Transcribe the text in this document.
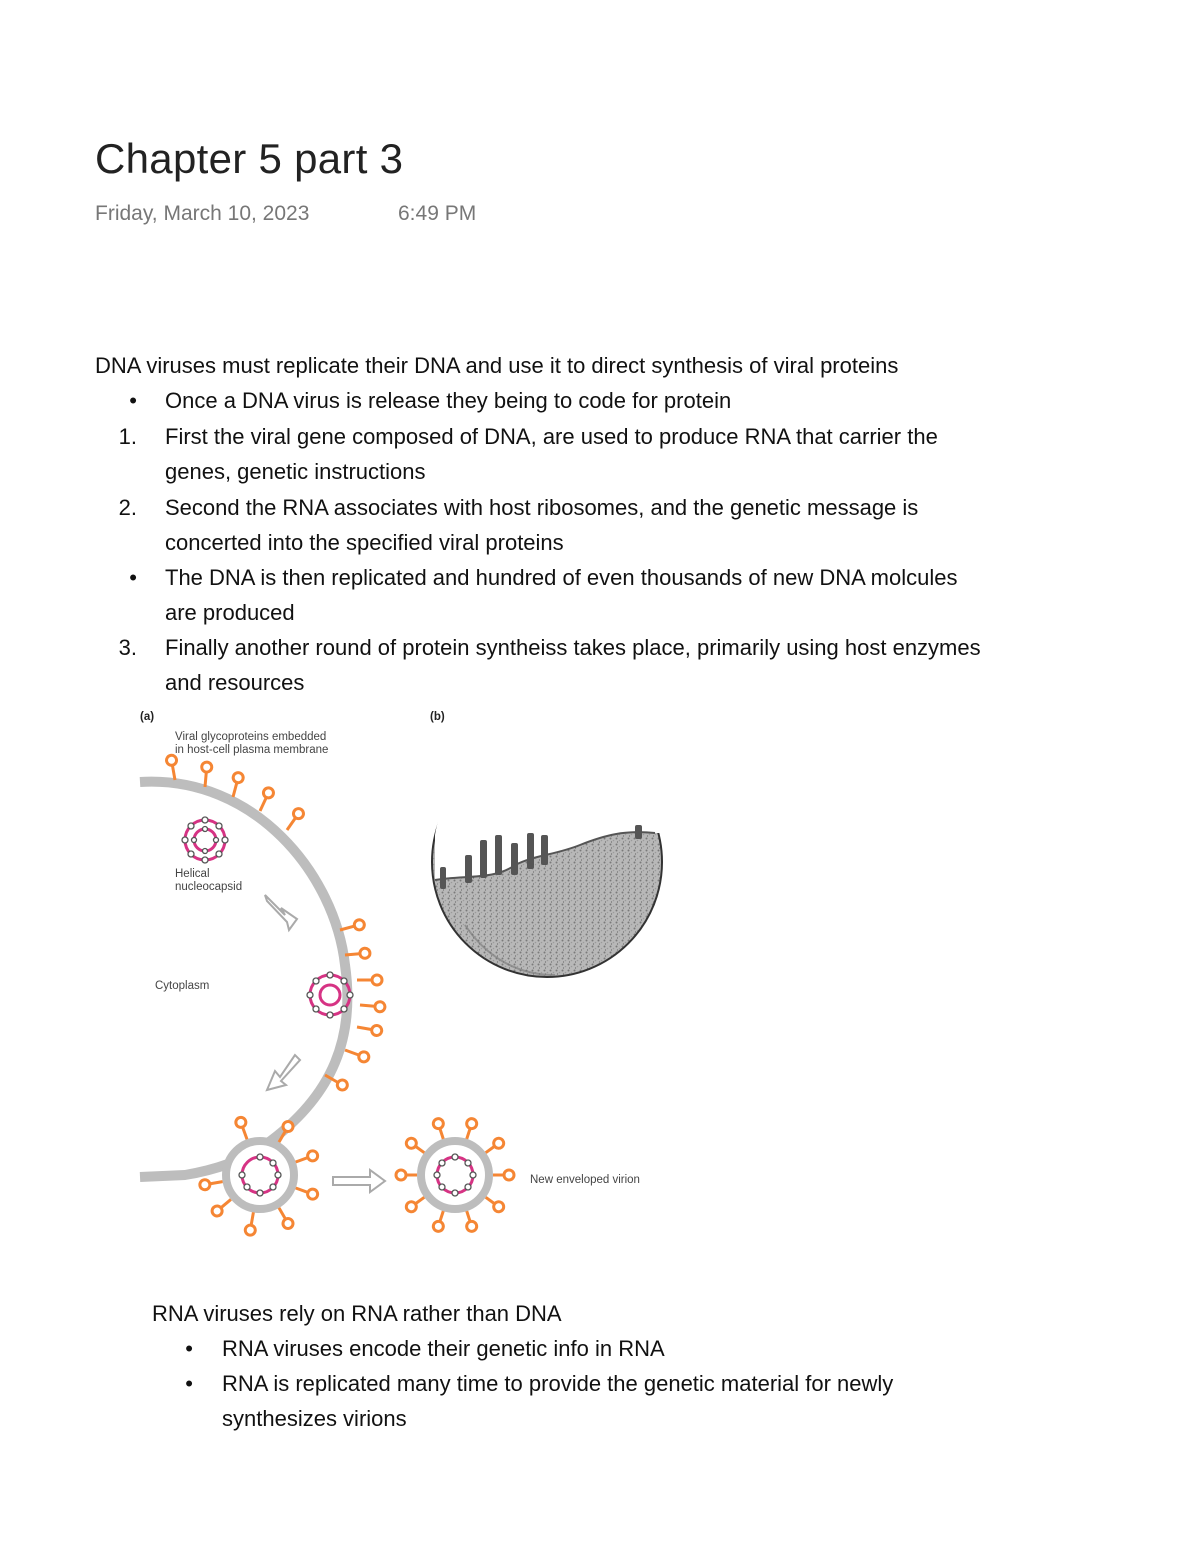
Chapter 5 part 3
Friday, March 10, 2023	6:49 PM
DNA viruses must replicate their DNA and use it to direct synthesis of viral proteins
• Once a DNA virus is release they being to code for protein
1. First the viral gene composed of DNA, are used to produce RNA that carrier the
genes, genetic instructions
2. Second the RNA associates with host ribosomes, and the genetic message is
concerted into the specified viral proteins
• The DNA is then replicated and hundred of even thousands of new DNA molcules
are produced
3. Finally another round of protein syntheiss takes place, primarily using host enzymes
and resources
(a)	(b)
Viral glycoproteins embedded
in host-cell plasma membrane
Helical
nucleocapsid
Cytoplasm
New enveloped virion
RNA viruses rely on RNA rather than DNA
• RNA viruses encode their genetic info in RNA
• RNA is replicated many time to provide the genetic material for newly
synthesizes virions
